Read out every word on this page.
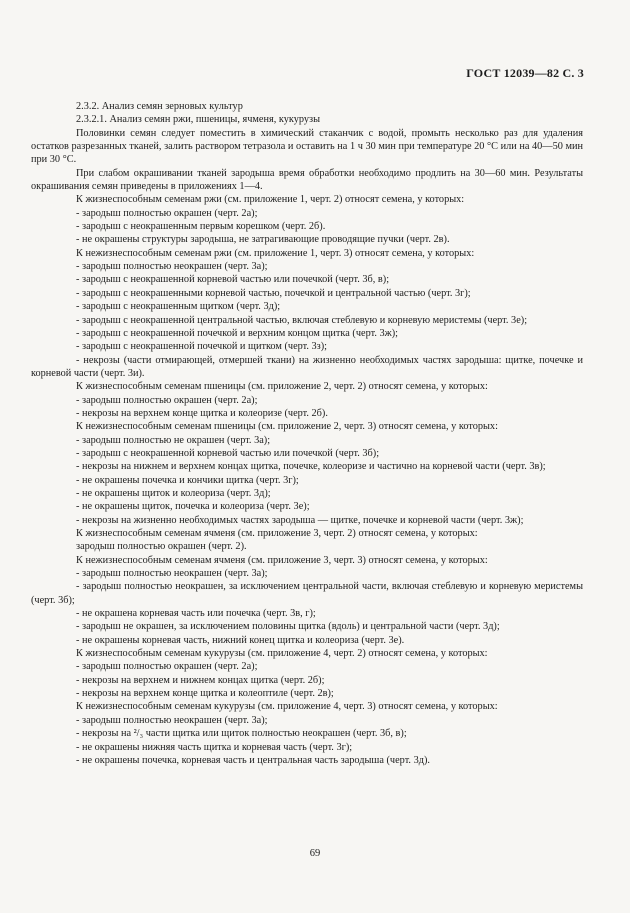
ГОСТ 12039—82 С. 3

2.3.2. Анализ семян зерновых культур

2.3.2.1. Анализ семян ржи, пшеницы, ячменя, кукурузы

Половинки семян следует поместить в химический стаканчик с водой, промыть несколько раз для удаления остатков разрезанных тканей, залить раствором тетразола и оставить на 1 ч 30 мин при температуре 20 °С или на 40—50 мин при 30 °С.

При слабом окрашивании тканей зародыша время обработки необходимо продлить на 30—60 мин. Результаты окрашивания семян приведены в приложениях 1—4.

К жизнеспособным семенам ржи (см. приложение 1, черт. 2) относят семена, у которых:

- зародыш полностью окрашен (черт. 2а);

- зародыш с неокрашенным первым корешком (черт. 2б).

- не окрашены структуры зародыша, не затрагивающие проводящие пучки (черт. 2в).

К нежизнеспособным семенам ржи (см. приложение 1, черт. 3) относят семена, у которых:

- зародыш полностью неокрашен (черт. 3а);

- зародыш с неокрашенной корневой частью или почечкой (черт. 3б, в);

- зародыш с неокрашенными корневой частью, почечкой и центральной частью (черт. 3г);

- зародыш с неокрашенным щитком (черт. 3д);

- зародыш с неокрашенной центральной частью, включая стеблевую и корневую меристемы (черт. 3е);

- зародыш с неокрашенной почечкой и верхним концом щитка (черт. 3ж);

- зародыш с неокрашенной почечкой и щитком (черт. 3з);

- некрозы (части отмирающей, отмершей ткани) на жизненно необходимых частях зародыша: щитке, почечке и корневой части (черт. 3и).

К жизнеспособным семенам пшеницы (см. приложение 2, черт. 2) относят семена, у которых:

- зародыш полностью окрашен (черт. 2а);

- некрозы на верхнем конце щитка и колеоризе (черт. 2б).

К нежизнеспособным семенам пшеницы (см. приложение 2, черт. 3) относят семена, у которых:

- зародыш полностью не окрашен (черт. 3а);

- зародыш с неокрашенной корневой частью или почечкой (черт. 3б);

- некрозы на нижнем и верхнем концах щитка, почечке, колеоризе и частично на корневой части (черт. 3в);

- не окрашены почечка и кончики щитка (черт. 3г);

- не окрашены щиток и колеориза (черт. 3д);

- не окрашены щиток, почечка и колеориза (черт. 3е);

- некрозы на жизненно необходимых частях зародыша — щитке, почечке и корневой части (черт. 3ж);

К жизнеспособным семенам ячменя (см. приложение 3, черт. 2) относят семена, у которых:

зародыш полностью окрашен (черт. 2).

К нежизнеспособным семенам ячменя (см. приложение 3, черт. 3) относят семена, у которых:

- зародыш полностью неокрашен (черт. 3а);

- зародыш полностью неокрашен, за исключением центральной части, включая стеблевую и корневую меристемы (черт. 3б);

- не окрашена корневая часть или почечка (черт. 3в, г);

- зародыш не окрашен, за исключением половины щитка (вдоль) и центральной части (черт. 3д);

- не окрашены корневая часть, нижний конец щитка и колеориза (черт. 3е).

К жизнеспособным семенам кукурузы (см. приложение 4, черт. 2) относят семена, у которых:

- зародыш полностью окрашен (черт. 2а);

- некрозы на верхнем и нижнем концах щитка (черт. 2б);

- некрозы на верхнем конце щитка и колеоптиле (черт. 2в);

К нежизнеспособным семенам кукурузы (см. приложение 4, черт. 3) относят семена, у которых:

- зародыш полностью неокрашен (черт. 3а);

- некрозы на ²/₃ части щитка или щиток полностью неокрашен (черт. 3б, в);

- не окрашены нижняя часть щитка и корневая часть (черт. 3г);

- не окрашены почечка, корневая часть и центральная часть зародыша (черт. 3д).

69
